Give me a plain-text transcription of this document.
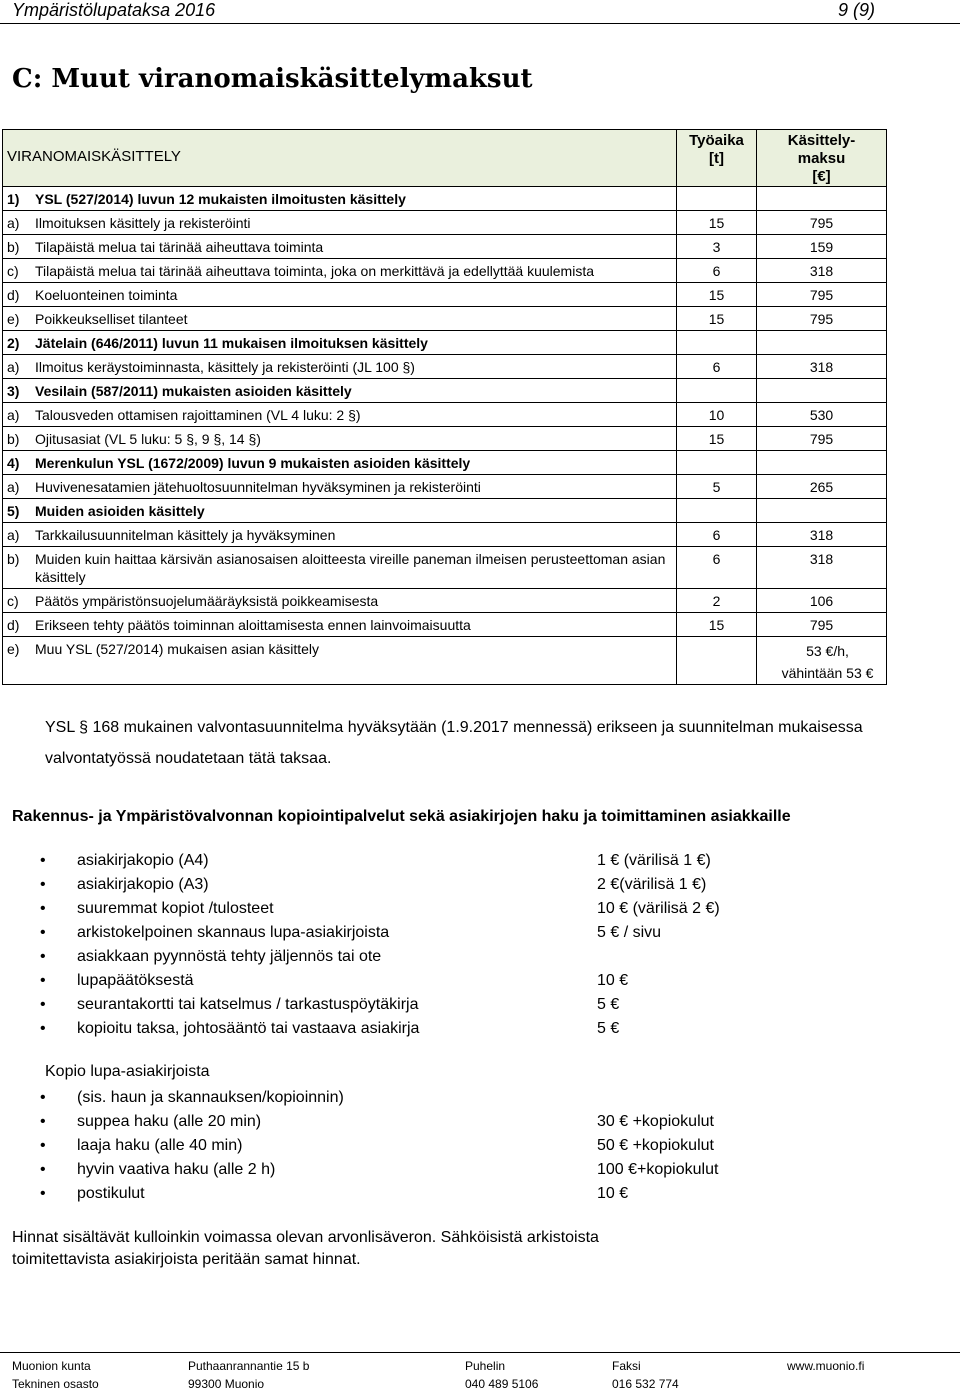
Ympäristölupataksa 2016	9 (9)
C: Muut viranomaiskäsittelymaksut
VIRANOMAISKÄSITTELY	Työaika [t]	Käsittely-
maksu
[€]

1) YSL (527/2014) luvun 12 mukaisten ilmoitusten käsittely		

a) Ilmoituksen käsittely ja rekisteröinti	15	795

b) Tilapäistä melua tai tärinää aiheuttava toiminta	3	159

c) Tilapäistä melua tai tärinää aiheuttava toiminta, joka on merkittävä ja edellyttää kuulemista	6	318

d) Koeluonteinen toiminta	15	795

e) Poikkeukselliset tilanteet	15	795

2) Jätelain (646/2011) luvun 11 mukaisen ilmoituksen käsittely		

a) Ilmoitus keräystoiminnasta, käsittely ja rekisteröinti (JL 100 §)	6	318

3) Vesilain (587/2011) mukaisten asioiden käsittely		

a) Talousveden ottamisen rajoittaminen (VL 4 luku: 2 §)	10	530

b) Ojitusasiat (VL 5 luku: 5 §, 9 §, 14 §)	15	795

4) Merenkulun YSL (1672/2009) luvun 9 mukaisten asioiden käsittely		

a) Huvivenesatamien jätehuoltosuunnitelman hyväksyminen ja rekisteröinti	5	265

5) Muiden asioiden käsittely		

a) Tarkkailusuunnitelman käsittely ja hyväksyminen	6	318

b) Muiden kuin haittaa kärsivän asianosaisen aloitteesta vireille paneman ilmeisen perusteettoman asian käsittely	6	318

c) Päätös ympäristönsuojelumääräyksistä poikkeamisesta	2	106

d) Erikseen tehty päätös toiminnan aloittamisesta ennen lainvoimaisuutta	15	795

e) Muu YSL (527/2014) mukaisen asian käsittely		53 €/h, vähintään 53 €
YSL § 168 mukainen valvontasuunnitelma hyväksytään (1.9.2017 mennessä) erikseen ja suunnitelman mukaisessa valvontatyössä noudatetaan tätä taksaa.
Rakennus- ja Ympäristövalvonnan kopiointipalvelut sekä asiakirjojen haku ja toimittaminen asiakkaille
• asiakirjakopio (A4)	1 € (värilisä 1 €)
• asiakirjakopio (A3)	2 €(värilisä 1 €)
• suuremmat kopiot /tulosteet	10 € (värilisä 2 €)
• arkistokelpoinen skannaus lupa-asiakirjoista	5 € / sivu
• asiakkaan pyynnöstä tehty jäljennös tai ote
• lupapäätöksestä	10 €
• seurantakortti tai katselmus / tarkastuspöytäkirja	5 €
• kopioitu taksa, johtosääntö tai vastaava asiakirja	5 €
Kopio lupa-asiakirjoista
• (sis. haun ja skannauksen/kopioinnin)
• suppea haku (alle 20 min)	30 € +kopiokulut
• laaja haku (alle 40 min)	50 € +kopiokulut
• hyvin vaativa haku (alle 2 h)	100 €+kopiokulut
• postikulut	10 €
Hinnat sisältävät kulloinkin voimassa olevan arvonlisäveron. Sähköisistä arkistoista toimitettavista asiakirjoista peritään samat hinnat.
Muonion kunta
Tekninen osasto
Puthaanrannantie 15 b
99300 Muonio
Puhelin
040 489 5106
Faksi
016 532 774
www.muonio.fi
